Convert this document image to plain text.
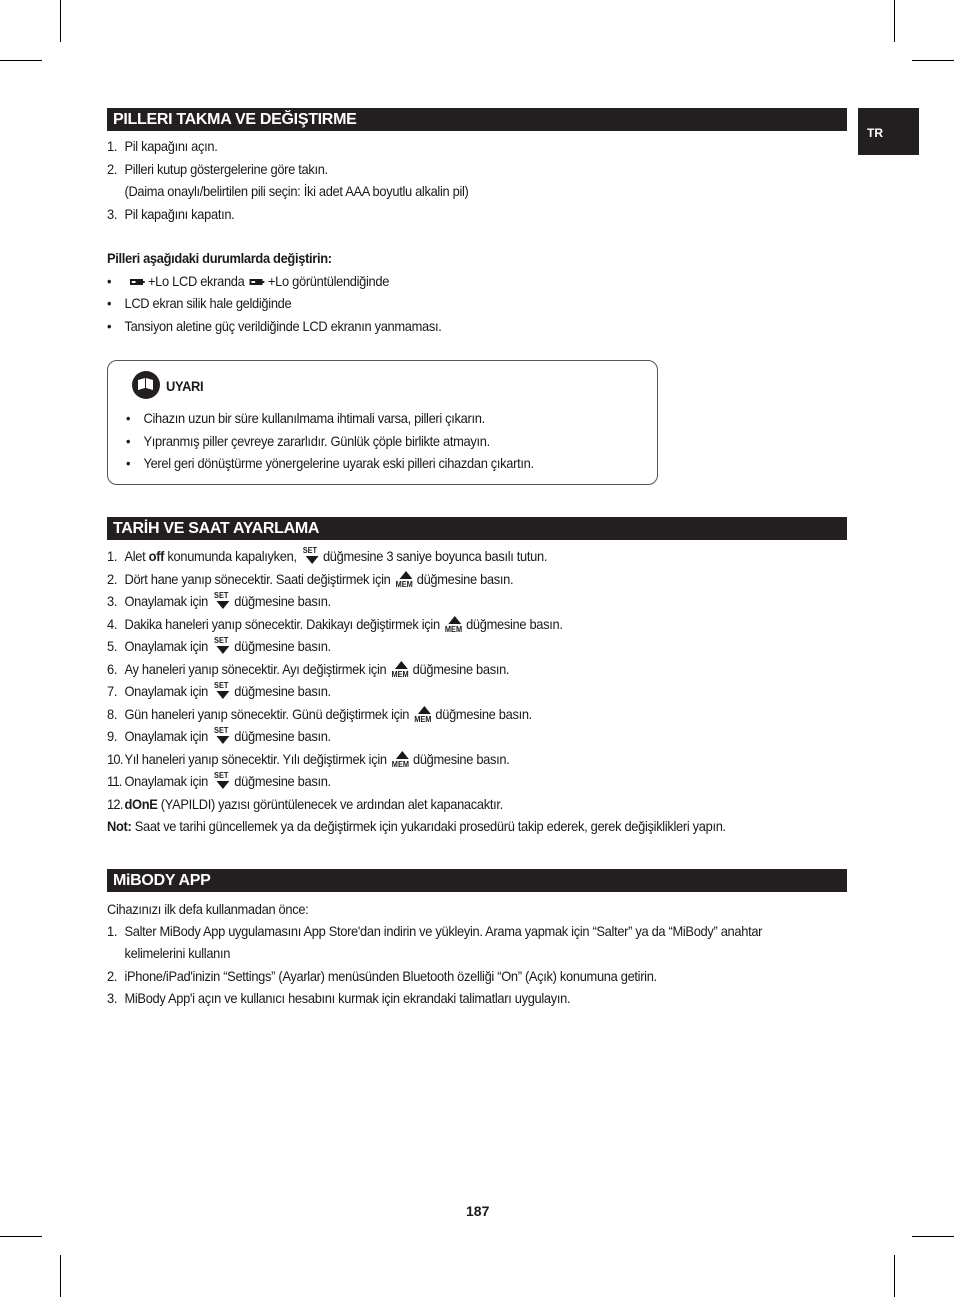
TR
PILLERI TAKMA VE DEĞIŞTIRME
1. Pil kapağını açın.
2. Pilleri kutup göstergelerine göre takın.
(Daima onaylı/belirtilen pili seçin: İki adet AAA boyutlu alkalin pil)
3. Pil kapağını kapatın.
Pilleri aşağıdaki durumlarda değiştirin:
•	+Lo LCD ekranda +Lo görüntülendiğinde
• LCD ekran silik hale geldiğinde
• Tansiyon aletine güç verildiğinde LCD ekranın yanmaması.
UYARI
• Cihazın uzun bir süre kullanılmama ihtimali varsa, pilleri çıkarın.
• Yıpranmış piller çevreye zararlıdır. Günlük çöple birlikte atmayın.
• Yerel geri dönüştürme yönergelerine uyarak eski pilleri cihazdan çıkartın.
TARİH VE SAAT AYARLAMA
1. Alet off konumunda kapalıyken, SET düğmesine 3 saniye boyunca basılı tutun.
2. Dört hane yanıp sönecektir. Saati değiştirmek için MEM düğmesine basın.
3. Onaylamak için SET düğmesine basın.
4. Dakika haneleri yanıp sönecektir. Dakikayı değiştirmek için MEM düğmesine basın.
5. Onaylamak için SET düğmesine basın.
6. Ay haneleri yanıp sönecektir. Ayı değiştirmek için MEM düğmesine basın.
7. Onaylamak için SET düğmesine basın.
8. Gün haneleri yanıp sönecektir. Günü değiştirmek için MEM düğmesine basın.
9. Onaylamak için SET düğmesine basın.
10. Yıl haneleri yanıp sönecektir. Yılı değiştirmek için MEM düğmesine basın.
11. Onaylamak için SET düğmesine basın.
12. dOnE (YAPILDI) yazısı görüntülenecek ve ardından alet kapanacaktır.
Not: Saat ve tarihi güncellemek ya da değiştirmek için yukarıdaki prosedürü takip ederek, gerek değişiklikleri yapın.
MiBODY APP
Cihazınızı ilk defa kullanmadan önce:
1. Salter MiBody App uygulamasını App Store'dan indirin ve yükleyin. Arama yapmak için “Salter” ya da “MiBody” anahtar
kelimelerini kullanın
2. iPhone/iPad'inizin “Settings” (Ayarlar) menüsünden Bluetooth özelliği “On” (Açık) konumuna getirin.
3. MiBody App'i açın ve kullanıcı hesabını kurmak için ekrandaki talimatları uygulayın.
187
